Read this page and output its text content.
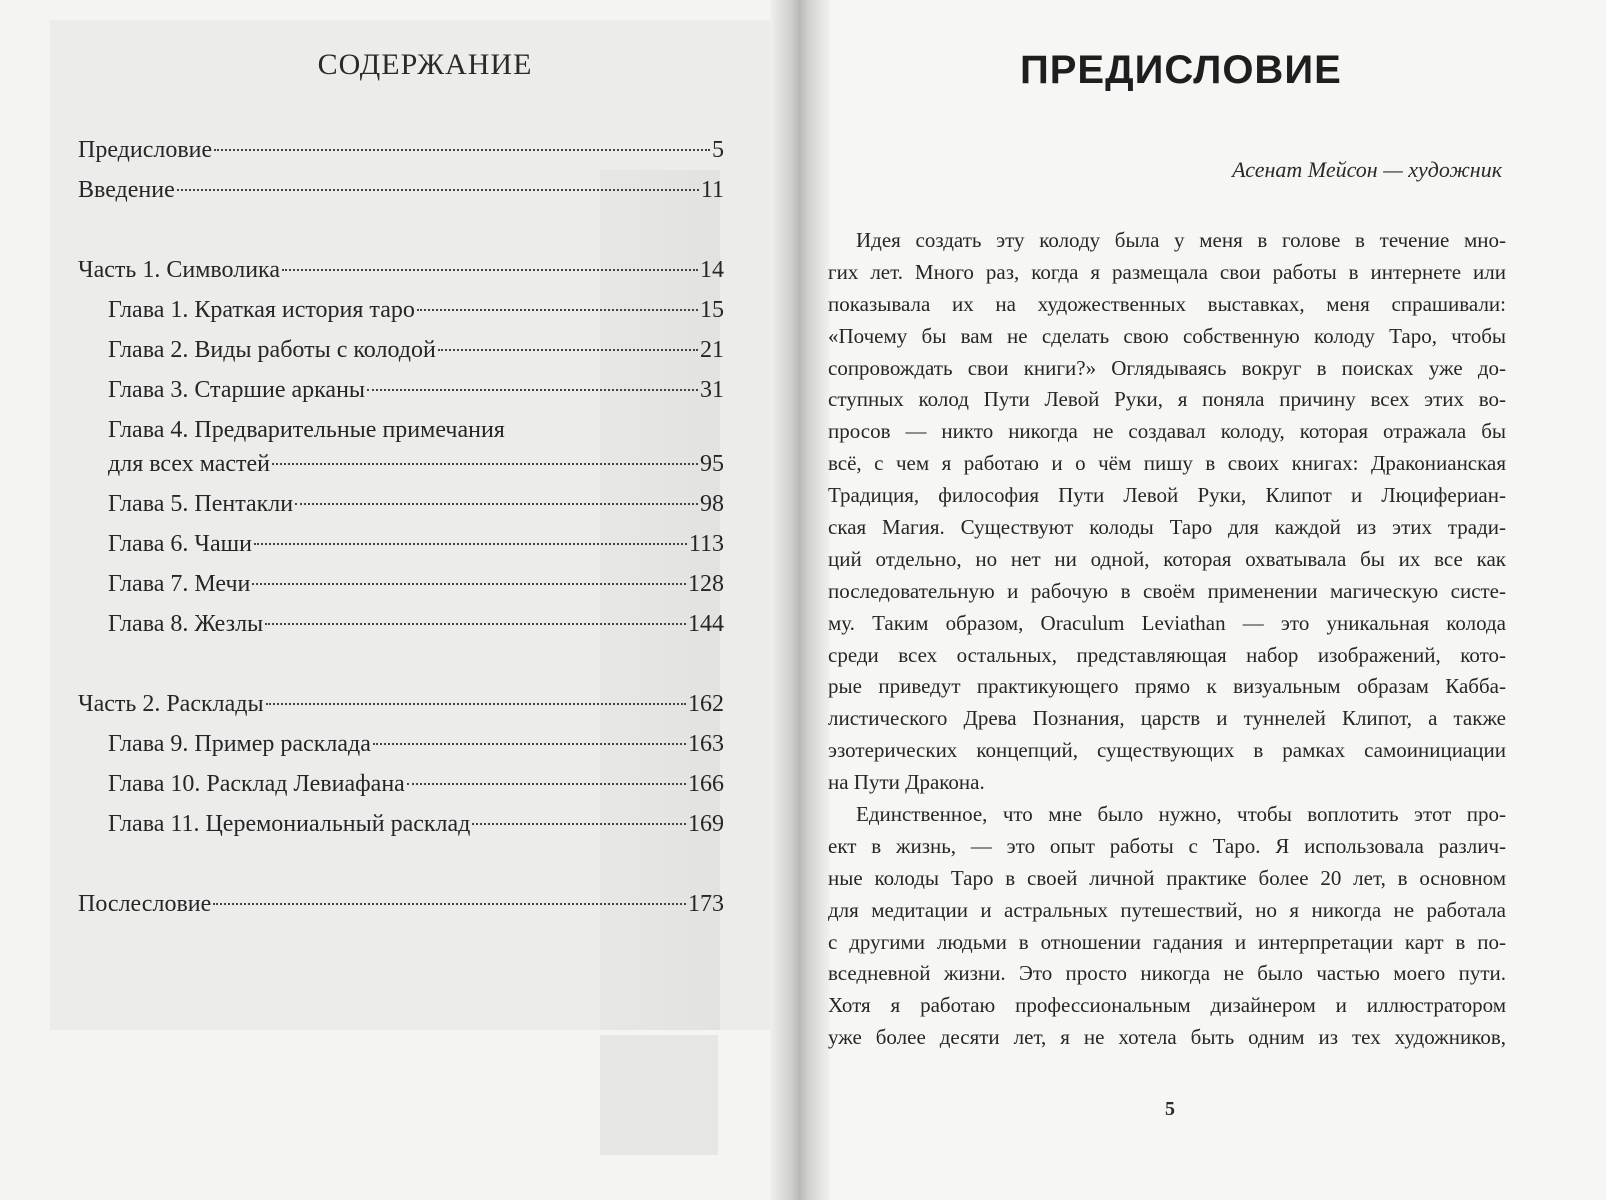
СОДЕРЖАНИЕ
Предисловие	5
Введение	11
Часть 1. Символика	14
Глава 1. Краткая история таро	15
Глава 2. Виды работы с колодой	21
Глава 3. Старшие арканы	31
Глава 4. Предварительные примечания
для всех мастей	95
Глава 5. Пентакли	98
Глава 6. Чаши	113
Глава 7. Мечи	128
Глава 8. Жезлы	144
Часть 2. Расклады	162
Глава 9. Пример расклада	163
Глава 10. Расклад Левиафана	166
Глава 11. Церемониальный расклад	169
Послесловие	173
ПРЕДИСЛОВИЕ
Асенат Мейсон — художник
Идея создать эту колоду была у меня в голове в течение мно-
гих лет. Много раз, когда я размещала свои работы в интернете или
показывала их на художественных выставках, меня спрашивали:
«Почему бы вам не сделать свою собственную колоду Таро, чтобы
сопровождать свои книги?» Оглядываясь вокруг в поисках уже до-
ступных колод Пути Левой Руки, я поняла причину всех этих во-
просов — никто никогда не создавал колоду, которая отражала бы
всё, с чем я работаю и о чём пишу в своих книгах: Драконианская
Традиция, философия Пути Левой Руки, Клипот и Люцифериан-
ская Магия. Существуют колоды Таро для каждой из этих тради-
ций отдельно, но нет ни одной, которая охватывала бы их все как
последовательную и рабочую в своём применении магическую систе-
му. Таким образом, Oraculum Leviathan — это уникальная колода
среди всех остальных, представляющая набор изображений, кото-
рые приведут практикующего прямо к визуальным образам Кабба-
листического Древа Познания, царств и туннелей Клипот, а также
эзотерических концепций, существующих в рамках самоинициации
на Пути Дракона.
Единственное, что мне было нужно, чтобы воплотить этот про-
ект в жизнь, — это опыт работы с Таро. Я использовала различ-
ные колоды Таро в своей личной практике более 20 лет, в основном
для медитации и астральных путешествий, но я никогда не работала
с другими людьми в отношении гадания и интерпретации карт в по-
вседневной жизни. Это просто никогда не было частью моего пути.
Хотя я работаю профессиональным дизайнером и иллюстратором
уже более десяти лет, я не хотела быть одним из тех художников,
5
